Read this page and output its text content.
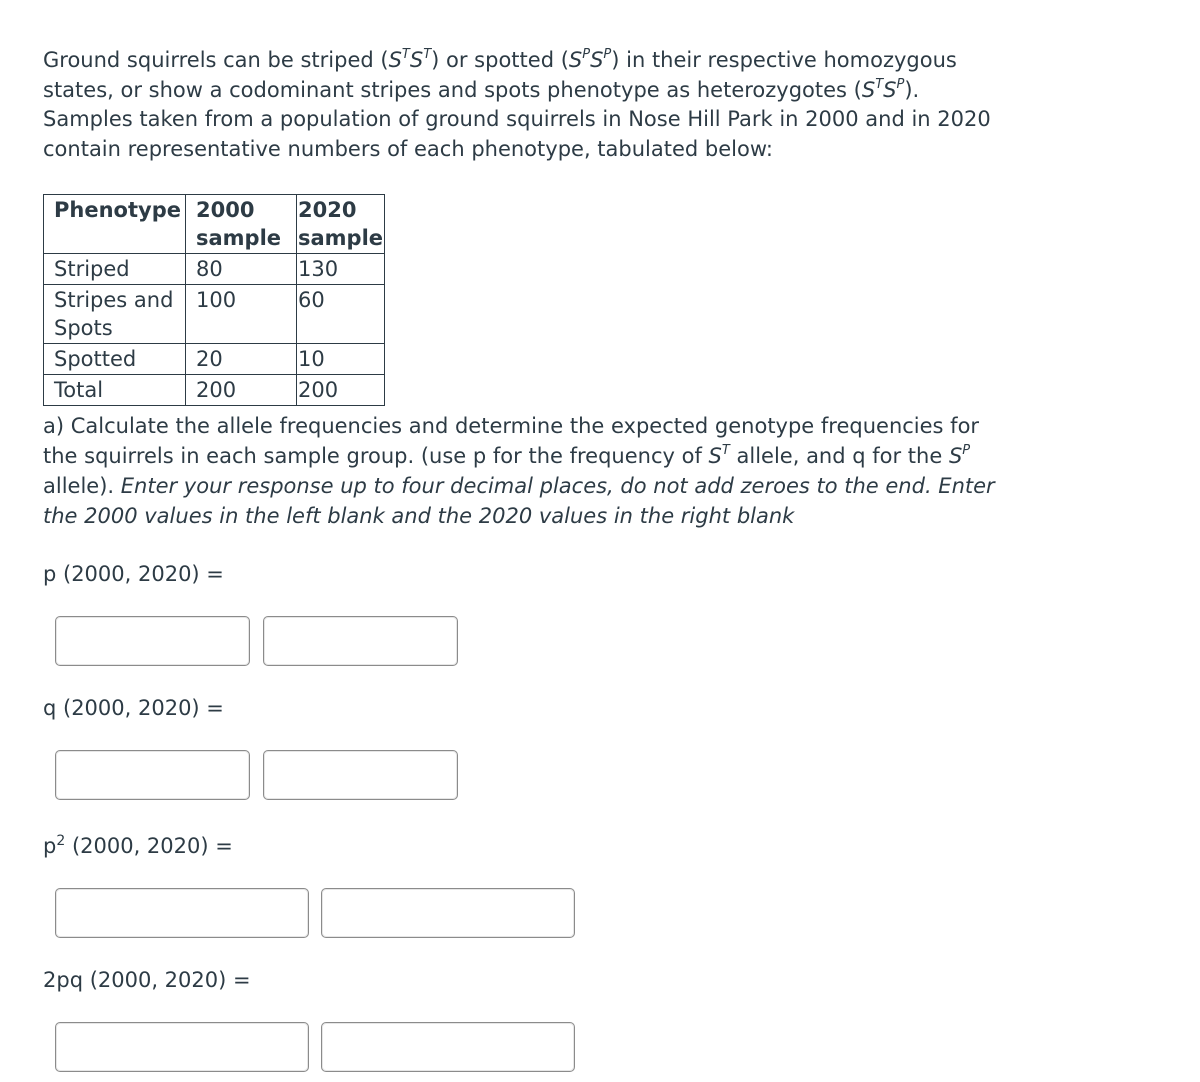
Ground squirrels can be striped $(S^TS^T)$ or spotted $(S^PS^P)$ in their respective homozygous states, or show a codominant stripes and spots phenotype as heterozygotes $(S^TS^P)$. Samples taken from a population of ground squirrels in Nose Hill Park in 2000 and in 2020 contain representative numbers of each phenotype, tabulated below:

Phenotype	2000 sample	2020 sample
Striped	80	130
Stripes and Spots	100	60
Spotted	20	10
Total	200	200

a) Calculate the allele frequencies and determine the expected genotype frequencies for the squirrels in each sample group. (use p for the frequency of $S^T$ allele, and q for the $S^P$ allele). Enter your response up to four decimal places, do not add zeroes to the end. Enter the 2000 values in the left blank and the 2020 values in the right blank

p (2000, 2020) =
q (2000, 2020) =
$p^2$ (2000, 2020) =
2pq (2000, 2020) =
